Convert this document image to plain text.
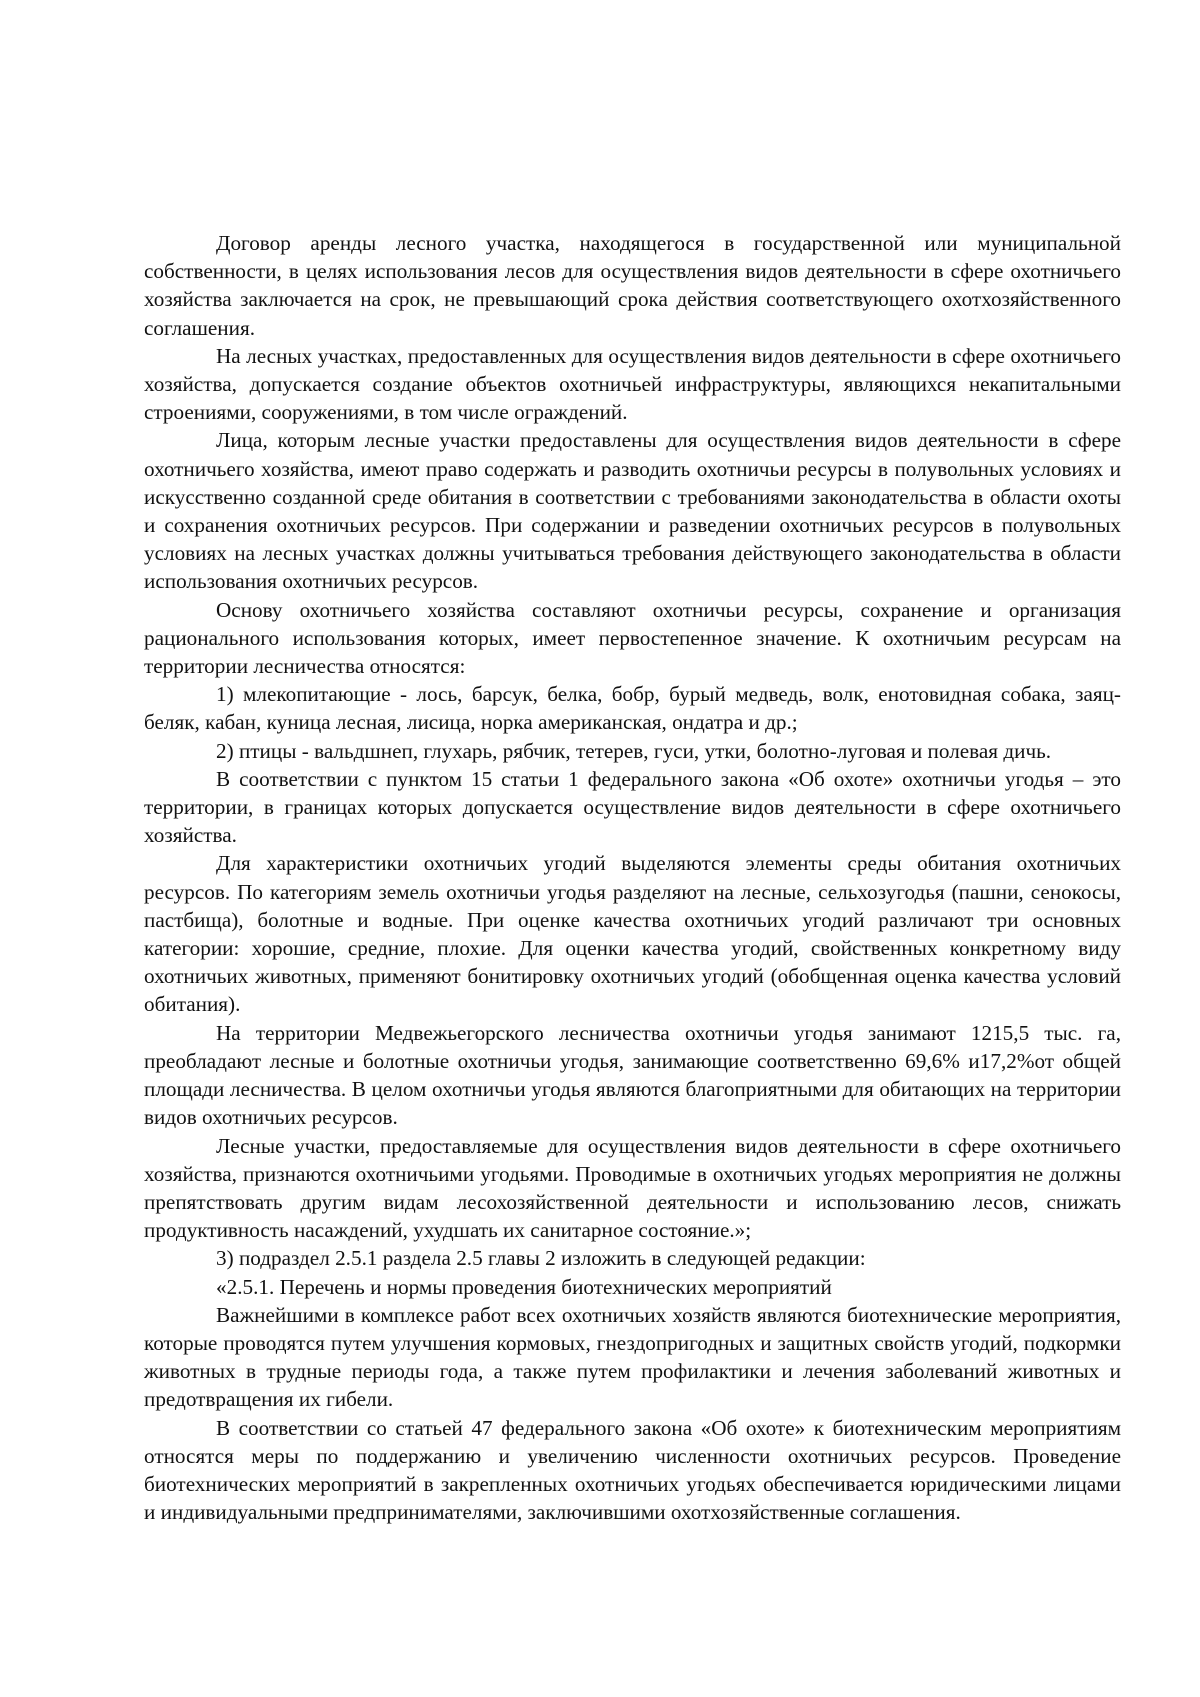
Договор аренды лесного участка, находящегося в государственной или муниципальной собственности, в целях использования лесов для осуществления видов деятельности в сфере охотничьего хозяйства заключается на срок, не превышающий срока действия соответствующего охотхозяйственного соглашения.

На лесных участках, предоставленных для осуществления видов деятельности в сфере охотничьего хозяйства, допускается создание объектов охотничьей инфраструктуры, являющихся некапитальными строениями, сооружениями, в том числе ограждений.

Лица, которым лесные участки предоставлены для осуществления видов деятельности в сфере охотничьего хозяйства, имеют право содержать и разводить охотничьи ресурсы в полувольных условиях и искусственно созданной среде обитания в соответствии с требованиями законодательства в области охоты и сохранения охотничьих ресурсов. При содержании и разведении охотничьих ресурсов в полувольных условиях на лесных участках должны учитываться требования действующего законодательства в области использования охотничьих ресурсов.

Основу охотничьего хозяйства составляют охотничьи ресурсы, сохранение и организация рационального использования которых, имеет первостепенное значение. К охотничьим ресурсам на территории лесничества относятся:

1) млекопитающие - лось, барсук, белка, бобр, бурый медведь, волк, енотовидная собака, заяц-беляк, кабан, куница лесная, лисица, норка американская, ондатра и др.;

2) птицы - вальдшнеп, глухарь, рябчик, тетерев, гуси, утки, болотно-луговая и полевая дичь.

В соответствии с пунктом 15 статьи 1 федерального закона «Об охоте» охотничьи угодья – это территории, в границах которых допускается осуществление видов деятельности в сфере охотничьего хозяйства.

Для характеристики охотничьих угодий выделяются элементы среды обитания охотничьих ресурсов. По категориям земель охотничьи угодья разделяют на лесные, сельхозугодья (пашни, сенокосы, пастбища), болотные и водные. При оценке качества охотничьих угодий различают три основных категории: хорошие, средние, плохие. Для оценки качества угодий, свойственных конкретному виду охотничьих животных, применяют бонитировку охотничьих угодий (обобщенная оценка качества условий обитания).

На территории Медвежьегорского лесничества охотничьи угодья занимают 1215,5 тыс. га, преобладают лесные и болотные охотничьи угодья, занимающие соответственно 69,6% и17,2%от общей площади лесничества. В целом охотничьи угодья являются благоприятными для обитающих на территории видов охотничьих ресурсов.

Лесные участки, предоставляемые для осуществления видов деятельности в сфере охотничьего хозяйства, признаются охотничьими угодьями. Проводимые в охотничьих угодьях мероприятия не должны препятствовать другим видам лесохозяйственной деятельности и использованию лесов, снижать продуктивность насаждений, ухудшать их санитарное состояние.»;

3) подраздел 2.5.1 раздела 2.5 главы 2 изложить в следующей редакции:

«2.5.1. Перечень и нормы проведения биотехнических мероприятий

Важнейшими в комплексе работ всех охотничьих хозяйств являются биотехнические мероприятия, которые проводятся путем улучшения кормовых, гнездопригодных и защитных свойств угодий, подкормки животных в трудные периоды года, а также путем профилактики и лечения заболеваний животных и предотвращения их гибели.

В соответствии со статьей 47 федерального закона «Об охоте» к биотехническим мероприятиям относятся меры по поддержанию и увеличению численности охотничьих ресурсов. Проведение биотехнических мероприятий в закрепленных охотничьих угодьях обеспечивается юридическими лицами и индивидуальными предпринимателями, заключившими охотхозяйственные соглашения.
